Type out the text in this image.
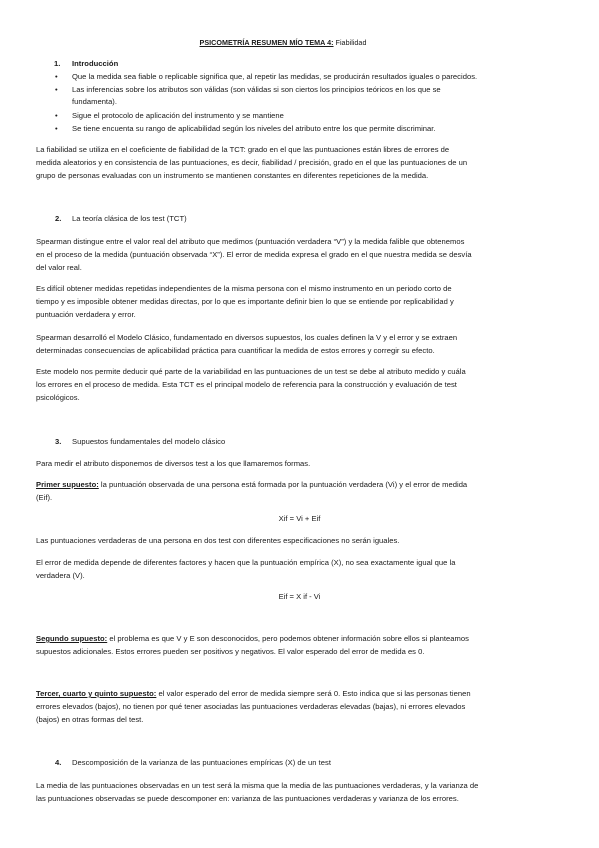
PSICOMETRÍA RESUMEN MÍO TEMA 4: Fiabilidad
1. Introducción
• Que la medida sea fiable o replicable significa que, al repetir las medidas, se producirán resultados iguales o parecidos.
• Las inferencias sobre los atributos son válidas (son válidas si son ciertos los principios teóricos en los que se
fundamenta).
• Sigue el protocolo de aplicación del instrumento y se mantiene
• Se tiene encuenta su rango de aplicabilidad según los niveles del atributo entre los que permite discriminar.
La fiabilidad se utiliza en el coeficiente de fiabilidad de la TCT: grado en el que las puntuaciones están libres de errores de
medida aleatorios y en consistencia de las puntuaciones, es decir, fiabilidad / precisión, grado en el que las puntuaciones de un
grupo de personas evaluadas con un instrumento se mantienen constantes en diferentes repeticiones de la medida.
2. La teoría clásica de los test (TCT)
Spearman distingue entre el valor real del atributo que medimos (puntuación verdadera “V”) y la medida falible que obtenemos
en el proceso de la medida (puntuación observada “X”). El error de medida expresa el grado en el que nuestra medida se desvía
del valor real.
Es difícil obtener medidas repetidas independientes de la misma persona con el mismo instrumento en un periodo corto de
tiempo y es imposible obtener medidas directas, por lo que es importante definir bien lo que se entiende por replicabilidad y
puntuación verdadera y error.
Spearman desarrolló el Modelo Clásico, fundamentado en diversos supuestos, los cuales definen la V y el error y se extraen
determinadas consecuencias de aplicabilidad práctica para cuantificar la medida de estos errores y corregir su efecto.
Este modelo nos permite deducir qué parte de la variabilidad en las puntuaciones de un test se debe al atributo medido y cuála
los errores en el proceso de medida. Esta TCT es el principal modelo de referencia para la construcción y evaluación de test
psicológicos.
3. Supuestos fundamentales del modelo clásico
Para medir el atributo disponemos de diversos test a los que llamaremos formas.
Primer supuesto: la puntuación observada de una persona está formada por la puntuación verdadera (Vi) y el error de medida
(Eif).
Xif = Vi + Eif
Las puntuaciones verdaderas de una persona en dos test con diferentes especificaciones no serán iguales.
El error de medida depende de diferentes factores y hacen que la puntuación empírica (X), no sea exactamente igual que la
verdadera (V).
Eif = X if - Vi
Segundo supuesto: el problema es que V y E son desconocidos, pero podemos obtener información sobre ellos si planteamos
supuestos adicionales. Estos errores pueden ser positivos y negativos. El valor esperado del error de medida es 0.
Tercer, cuarto y quinto supuesto: el valor esperado del error de medida siempre será 0. Esto indica que si las personas tienen
errores elevados (bajos), no tienen por qué tener asociadas las puntuaciones verdaderas elevadas (bajas), ni errores elevados
(bajos) en otras formas del test.
4. Descomposición de la varianza de las puntuaciones empíricas (X) de un test
La media de las puntuaciones observadas en un test será la misma que la media de las puntuaciones verdaderas, y la varianza de
las puntuaciones observadas se puede descomponer en: varianza de las puntuaciones verdaderas y varianza de los errores.
